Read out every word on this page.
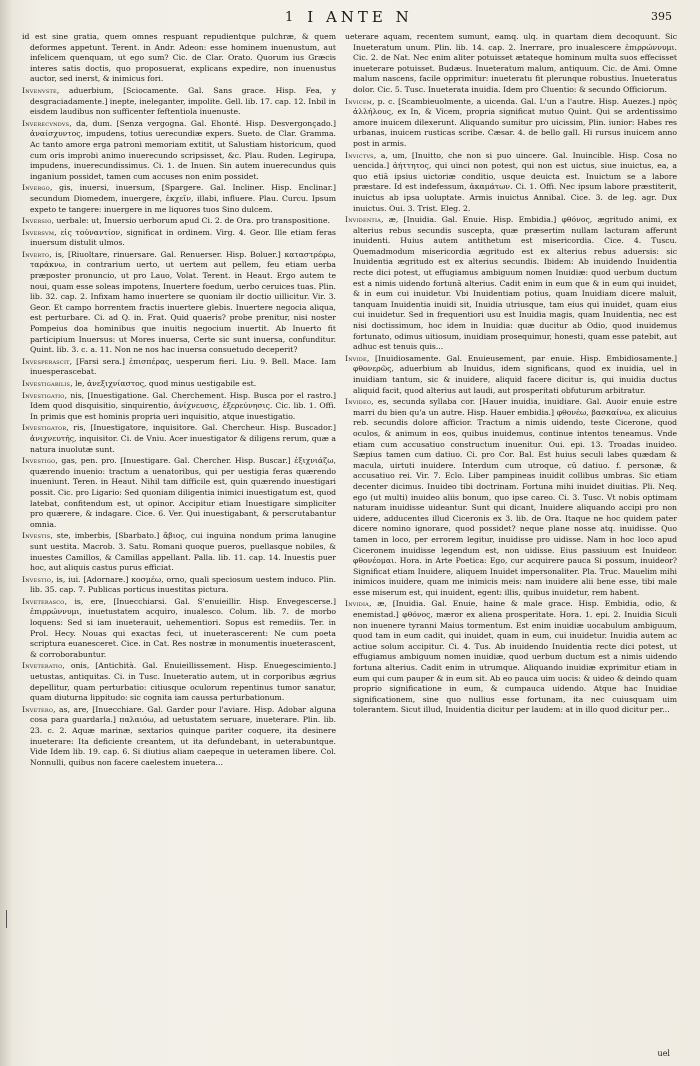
1 I ANTE N	395

id est sine gratia, quem omnes respuant repudientque pulchræ, & quem deformes appetunt. Terent. in Andr. Adeon: esse hominem inuenustum, aut infelicem quenquam, ut ego sum? Cic. de Clar. Orato. Quorum ius Græcis interes satis doctis, quo proposuerat, explicans expedire, non inuenustus auctor, sed inerst, & inimicus fori.

Invenvste, aduerbium, [Sciocamente. Gal. Sans grace. Hisp. Fea, y desgraciadamente.] inepte, ineleganter, impolite. Gell. lib. 17. cap. 12. Inbil in eisdem laudibus non sufficenter feftentiola inuenuste.

Inverecvndvs, da, dum. [Senza vergogna. Gal. Ehonté. Hisp. Desvergonçado.] ἀναίσχυντος, impudens, totius uerecundiæ expers. Sueto. de Clar. Gramma. Ac tanto amore erga patroni memoriam extitit, ut Salustiam historicum, quod cum oris improbi animo inuerecundo scripsisset, &c. Plau. Ruden. Legirupa, impudens, inuerecundissimus. Ci. 1. de Inuen. Sin autem inuerecundus quis inganium possidet, tamen cum accuses non enim possidet.

Invergo, gis, inuersi, inuersum, [Spargere. Gal. Incliner. Hisp. Enclinar.] secundum Diomedem, inuergere, ἐκχεῖν, illabi, influere. Plau. Curcu. Ipsum expeto te tangere: inuergere in me liquores tuos Sino dulcem.

Inversio, uerbale: ut, Inuersio uerborum apud Ci. 2. de Ora. pro transpositione.

Inversvm, εἰς τοὐναντίον, significat in ordinem. Virg. 4. Geor. Ille etiam feras inuersum distulit ulmos.

Inverto, is, [Riuoltare, rinuersare. Gal. Renuerser. Hisp. Boluer.] καταστρέφω, ταράκνω, in contrarium uerto, ut uertem aut pellem, feu etiam uerba præposter pronuncio, ut pro Lauo, Volat. Terent. in Heaut. Ergo autem te noui, quam esse soleas impotens, Inuertere foedum, uerbo ceruices tuas. Plin. lib. 32. cap. 2. Infixam hamo inuertere se quoniam ilr doctio uillicitur. Vir. 3. Geor. Et campo horrentem fractis inuertere glebis. Inuertere negocia aliqua, est perturbare. Ci. ad Q. in. Frat. Quid quaeris? probe prenitur, nisi noster Pompeius doa hominibus que inuitis negocium inuertit. Ab Inuerto fit participium Inuersus: ut Mores inuersa, Certe sic sunt inuersa, confunditur. Quint. lib. 3. c. a. 11. Non ne nos hac inuersa consuetudo deceperit?

Invesperascit, [Farsi sera.] ἐπισπέρας, uesperum fieri. Liu. 9. Bell. Mace. Iam inuesperascebat.

Investigabilis, le, ἀνεξιχνίαστος, quod minus uestigabile est.

Investigatio, nis, [Inuestigatione. Gal. Cherchement. Hisp. Busca por el rastro.] Idem quod disquisitio, sinquirentio, ἀνίχνευσις, ἐξερεύνησις. Cic. lib. 1. Offi. In primis que est hominis propria ueri inquisitio, atque inuestigatio.

Investigator, ris, [Inuestigatore, inquisitore. Gal. Chercheur. Hisp. Buscador.] ἀνιχνευτής, inquisitor. Ci. de Vniu. Acer inuestigator & diligens rerum, quæ a natura inuolutæ sunt.

Investigo, gas, pen. pro. [Inuestigare. Gal. Chercher. Hisp. Buscar.] ἐξιχνιάζω, quærendo inuenio: tractum a uenatoribus, qui per uestigia feras quærendo inueniunt. Teren. in Heaut. Nihil tam difficile est, quin quærendo inuestigari possit. Cic. pro Ligario: Sed quoniam diligentia inimici inuestigatum est, quod latebat, confitendum est, ut opinor. Accipitur etiam Inuestigare simpliciter pro quærere, & indagare. Cice. 6. Ver. Qui inuestigabant, & perscrutabantur omnia.

Investis, ste, imberbis, [Sbarbato.] ἄβιος, cui inguina nondum prima lanugine sunt uestita. Macrob. 3. Satu. Romani quoque pueros, puellasque nobiles, & inuestes Camillos, & Camillas appellant. Palla. lib. 11. cap. 14. Inuestis puer hoc, aut aliquis castus purus efficiat.

Investio, is, iui. [Adornare.] κοσμέω, orno, quali speciosum uestem induco. Plin. lib. 35. cap. 7. Publicas porticus inuestitas pictura.

Inveterasco, is, ere, [Inuecchiarsi. Gal. S'enuieillir. Hisp. Envegescerse.] ἐπιρρώννυμι, inuetustatem acquiro, inualesco. Colum. lib. 7. de morbo loquens: Sed si iam inueterauit, uehementiori. Sopus est remediis. Ter. in Prol. Hecy. Nouas qui exactas feci, ut inueterascerent: Ne cum poeta scriptura euanesceret. Cice. in Cat. Res nostræ in monumentis inueterascent, & corroborabuntur.

Inveteratio, onis, [Antichità. Gal. Enuieillissement. Hisp. Enuegescimiento.] uetustas, antiquitas. Ci. in Tusc. Inueteratio autem, ut in corporibus ægrius depellitur, quam perturbatio: citiusque oculorum repentinus tumor sanatur, quam diuturna lippitudo: sic cognita iam caussa perturbationum.

Invetero, as, are, [Inuecchiare. Gal. Garder pour l'aviare. Hisp. Adobar alguna cosa para guardarla.] παλαιόω, ad uetustatem seruare, inueterare. Plin. lib. 23. c. 2. Aquæ marinæ, sextarios quinque pariter coquere, ita desinere inueterare: Ita deficiente creantem, ut ita defundebant, in ueterabuntque. Vide Idem lib. 19. cap. 6. Si diutius aliam caepeque in ueteramen libere. Col. Nonnulli, quibus non facere caelestem inuetera...

ueterare aquam, recentem sumunt, eamq. ulq. in quartam diem decoquunt. Sic Inueteratum unum. Plin. lib. 14. cap. 2. Inerrare, pro inualescere ἐπιρρώννυμι. Cic. 2. de Nat. Nec enim aliter potuisset ætateque hominum multa suos effecisset inueterare potuisset. Budæus. Inueteratum malum, antiquum. Cic. de Ami. Omne malum nascens, facile opprimitur: inueteratu fit plerunque robustius. Inueteratus dolor. Cic. 5. Tusc. Inueterata inuidia. Idem pro Cluentio: & secundo Officiorum.

Invicem, p. c. [Scambieuolmente, a uicenda. Gal. L'un a l'autre. Hisp. Auezes.] πρὸς ἀλλήλους, ex In, & Vicem, propria significat mutuo Quint. Qui se ardentissimo amore inuicem dilexerunt. Aliquando sumitur pro uicissim, Plin. iunior: Habes res urbanas, inuicem rusticas scribe. Cæsar. 4. de bello gall. Hi rursus inuicem anno post in armis.

Invictvs, a, um, [Inuitto, che non si puo uincere. Gal. Inuincible. Hisp. Cosa no uencida.] ἀήττητος, qui uinci non potest, qui non est uictus, siue inuictus, ea, a quo etiā ipsius uictoriæ conditio, usque deuicta est. Inuictum se a labore præstare. Id est indefessum, ἀκαμάτων. Ci. 1. Offi. Nec ipsum labore præstiterit, inuictus ab ipsa uoluptate. Armis inuictus Annibal. Cice. 3. de leg. agr. Dux inuictus. Oui. 3. Trist. Eleg. 2.

Invidentia, æ, [Inuidia. Gal. Enuie. Hisp. Embidia.] φθόνος, ægritudo animi, ex alterius rebus secundis suscepta, quæ præsertim nullam lacturam afferunt inuidenti. Huius autem antithetum est misericordia. Cice. 4. Tuscu. Quemadmodum misericordia ægritudo est ex alterius rebus aduersis: sic Inuidentia ægritudo est ex alterius secundis. Ibidem: Ab inuidendo Inuidentia recte dici potest, ut effugiamus ambiguum nomen Inuidiæ: quod uerbum ductum est a nimis uidendo fortunā alterius. Cadit enim in eum que & in eum qui inuidet, & in eum cui inuidetur. Vbi Inuidentiam potius, quam Inuidiam dicere maluit, tanquam Inuidentia inuidi sit, Inuidia utriusque, tam eius qui inuidet, quam eius cui inuidetur. Sed in frequentiori usu est Inuidia magis, quam Inuidentia, nec est nisi doctissimum, hoc idem in Inuidia: quæ ducitur ab Odio, quod inuidemus fortunato, odimus uitiosum, inuidiam prosequimur, honesti, quam esse patebit, aut adhuc est tenuis quis...

Invide, [Inuidiosamente. Gal. Enuieusement, par enuie. Hisp. Embidiosamente.] φθονερῶς, aduerbium ab Inuidus, idem significans, quod ex inuidia, uel in inuidiam tantum, sic & inuidere, aliquid facere dicitur is, qui inuidia ductus aliquid facit, quod alterius aut laudi, aut prosperitati obfuturum arbitratur.

Invideo, es, secunda syllaba cor. [Hauer inuidia, inuidiare. Gal. Auoir enuie estre marri du bien qu'a un autre. Hisp. Hauer embidia.] φθονέω, βασκαίνω, ex alicuius reb. secundis dolore afficior. Tractum a nimis uidendo, teste Cicerone, quod oculos, & animum in eos, quibus inuidemus, continue intentos teneamus. Vnde etiam cum accusatiuo constructum inuenitur. Oui. epi. 13. Troadas inuideo. Sæpius tamen cum datiuo. Ci. pro Cor. Bal. Est huius seculi labes quædam & macula, uirtuti inuidere. Interdum cum utroque, cū datiuo. f. personæ, & accusatiuo rei. Vir. 7. Eclo. Liber pampineas inuidit collibus umbras. Sic etiam decenter dicimus. Inuideo tibi doctrinam. Fortuna mihi inuidet diuitias. Pli. Neq. ego (ut multi) inuideo aliis bonum, quo ipse careo. Ci. 3. Tusc. Vt nobis optimam naturam inuidisse uideantur. Sunt qui dicant, Inuidere aliquando accipi pro non uidere, adducentes illud Ciceronis ex 3. lib. de Ora. Itaque ne hoc quidem pater dicere nomino ignorare, quod possidet? neque plane nosse atq. inuidisse. Quo tamen in loco, per errorem legitur, inuidisse pro uidisse. Nam in hoc loco apud Ciceronem inuidisse legendum est, non uidisse. Eius passiuum est Inuideor. φθονέομαι. Hora. in Arte Poetica: Ego, cur acquirere pauca Si possum, inuideor? Significat etiam Inuidere, aliquem Inuidet impersonaliter. Pla. Truc. Mauelim mihi inimicos inuidere, quam me inimicis meis: nam inuidere alii bene esse, tibi male esse miserum est, qui inuident, egent: illis, quibus inuidetur, rem habent.

Invidia, æ, [Inuidia. Gal. Enuie, haine & male grace. Hisp. Embidia, odio, & enemistad.] φθόνος, mæror ex aliena prosperitate. Hora. 1. epi. 2. Inuidia Siculi non inuenere tyranni Maius tormentum. Est enim inuidiæ uocabulum ambiguum, quod tam in eum cadit, qui inuidet, quam in eum, cui inuidetur. Inuidia autem ac actiue solum accipitur. Ci. 4. Tus. Ab inuidendo Inuidentia recte dici potest, ut effugiamus ambiguum nomen inuidiæ, quod uerbum ductum est a nimis uidendo fortuna alterius. Cadit enim in utrumque. Aliquando inuidiæ exprimitur etiam in eum qui cum pauper & in eum sit. Ab eo pauca uim uocis: & uideo & deindo quam proprio significatione in eum, & cumpauca uidendo. Atque hac Inuidiae significationem, sine quo nullius esse fortunam, ita nec cuiusquam uim tolerantem. Sicut illud, Inuidentia dicitur per laudem: at in illo quod dicitur per...

uel
